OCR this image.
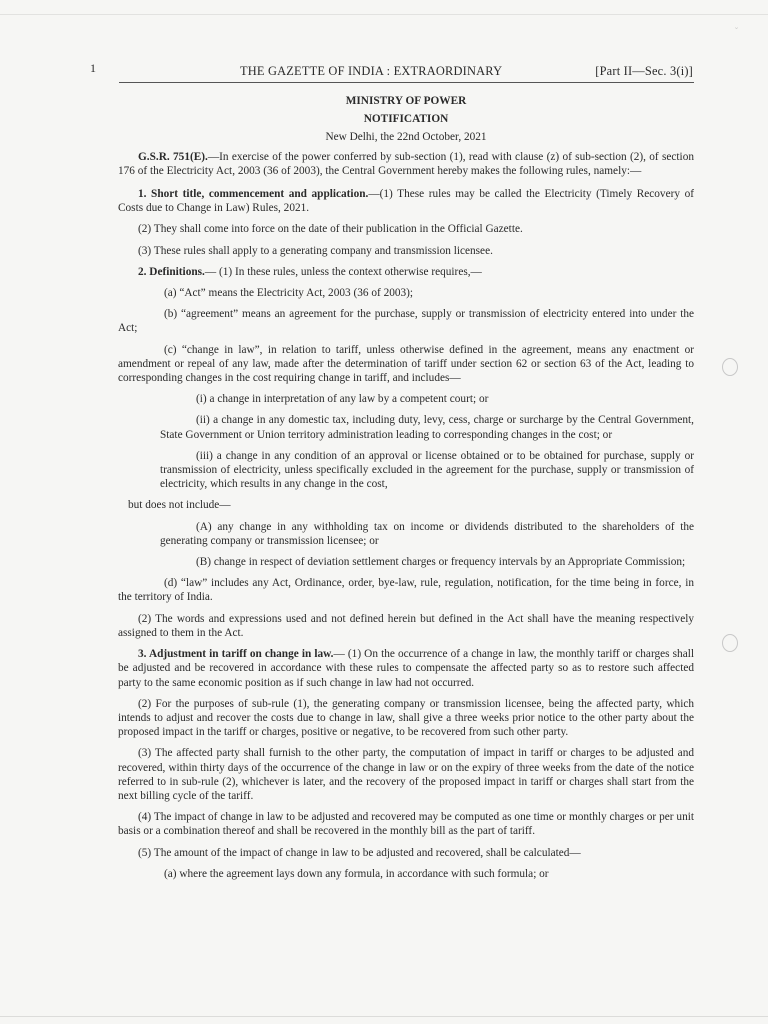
˘
1	THE GAZETTE OF INDIA : EXTRAORDINARY	[Part II—Sec. 3(i)]

MINISTRY OF POWER

NOTIFICATION

New Delhi, the 22nd October, 2021

G.S.R. 751(E).—In exercise of the power conferred by sub-section (1), read with clause (z) of sub-section (2), of section 176 of the Electricity Act, 2003 (36 of 2003), the Central Government hereby makes the following rules, namely:—

1. Short title, commencement and application.—(1) These rules may be called the Electricity (Timely Recovery of Costs due to Change in Law) Rules, 2021.

(2) They shall come into force on the date of their publication in the Official Gazette.

(3) These rules shall apply to a generating company and transmission licensee.

2. Definitions.— (1) In these rules, unless the context otherwise requires,—

(a) “Act” means the Electricity Act, 2003 (36 of 2003);

(b) “agreement” means an agreement for the purchase, supply or transmission of electricity entered into under the Act;

(c) “change in law”, in relation to tariff, unless otherwise defined in the agreement, means any enactment or amendment or repeal of any law, made after the determination of tariff under section 62 or section 63 of the Act, leading to corresponding changes in the cost requiring change in tariff, and includes—

(i) a change in interpretation of any law by a competent court; or

(ii) a change in any domestic tax, including duty, levy, cess, charge or surcharge by the Central Government, State Government or Union territory administration leading to corresponding changes in the cost; or

(iii) a change in any condition of an approval or license obtained or to be obtained for purchase, supply or transmission of electricity, unless specifically excluded in the agreement for the purchase, supply or transmission of electricity, which results in any change in the cost,

but does not include—

(A) any change in any withholding tax on income or dividends distributed to the shareholders of the generating company or transmission licensee; or

(B) change in respect of deviation settlement charges or frequency intervals by an Appropriate Commission;

(d) “law” includes any Act, Ordinance, order, bye-law, rule, regulation, notification, for the time being in force, in the territory of India.

(2) The words and expressions used and not defined herein but defined in the Act shall have the meaning respectively assigned to them in the Act.

3. Adjustment in tariff on change in law.— (1) On the occurrence of a change in law, the monthly tariff or charges shall be adjusted and be recovered in accordance with these rules to compensate the affected party so as to restore such affected party to the same economic position as if such change in law had not occurred.

(2) For the purposes of sub-rule (1), the generating company or transmission licensee, being the affected party, which intends to adjust and recover the costs due to change in law, shall give a three weeks prior notice to the other party about the proposed impact in the tariff or charges, positive or negative, to be recovered from such other party.

(3) The affected party shall furnish to the other party, the computation of impact in tariff or charges to be adjusted and recovered, within thirty days of the occurrence of the change in law or on the expiry of three weeks from the date of the notice referred to in sub-rule (2), whichever is later, and the recovery of the proposed impact in tariff or charges shall start from the next billing cycle of the tariff.

(4) The impact of change in law to be adjusted and recovered may be computed as one time or monthly charges or per unit basis or a combination thereof and shall be recovered in the monthly bill as the part of tariff.

(5) The amount of the impact of change in law to be adjusted and recovered, shall be calculated—

(a) where the agreement lays down any formula, in accordance with such formula; or
